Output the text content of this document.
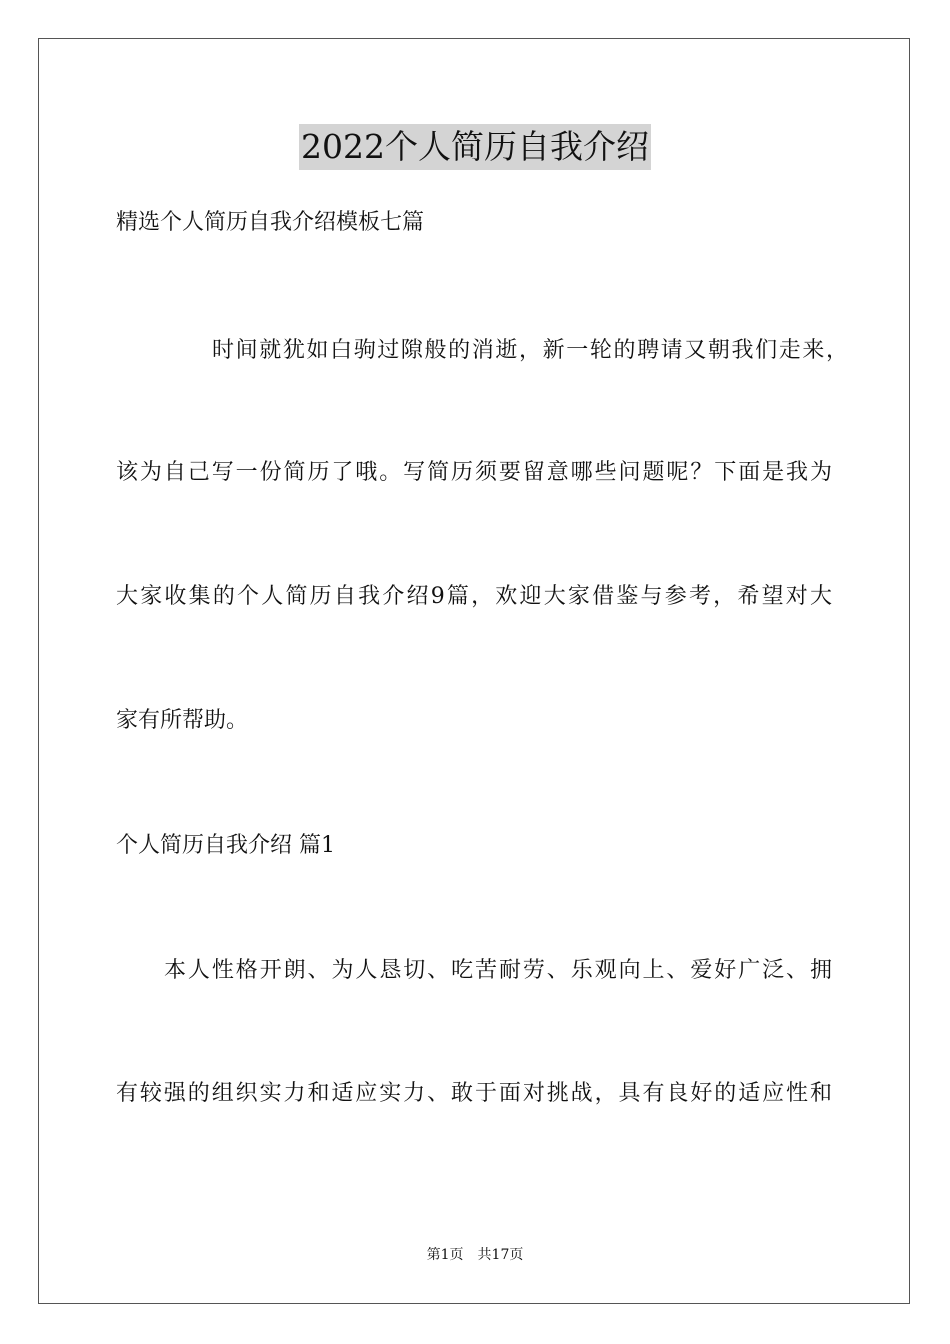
2022个人简历自我介绍
精选个人简历自我介绍模板七篇
时间就犹如白驹过隙般的消逝，新一轮的聘请又朝我们走来，
该为自己写一份简历了哦。写简历须要留意哪些问题呢？下面是我为
大家收集的个人简历自我介绍9篇，欢迎大家借鉴与参考，希望对大
家有所帮助。
个人简历自我介绍 篇1
本人性格开朗、为人恳切、吃苦耐劳、乐观向上、爱好广泛、拥
有较强的组织实力和适应实力、敢于面对挑战，具有良好的适应性和
第1页 共17页
